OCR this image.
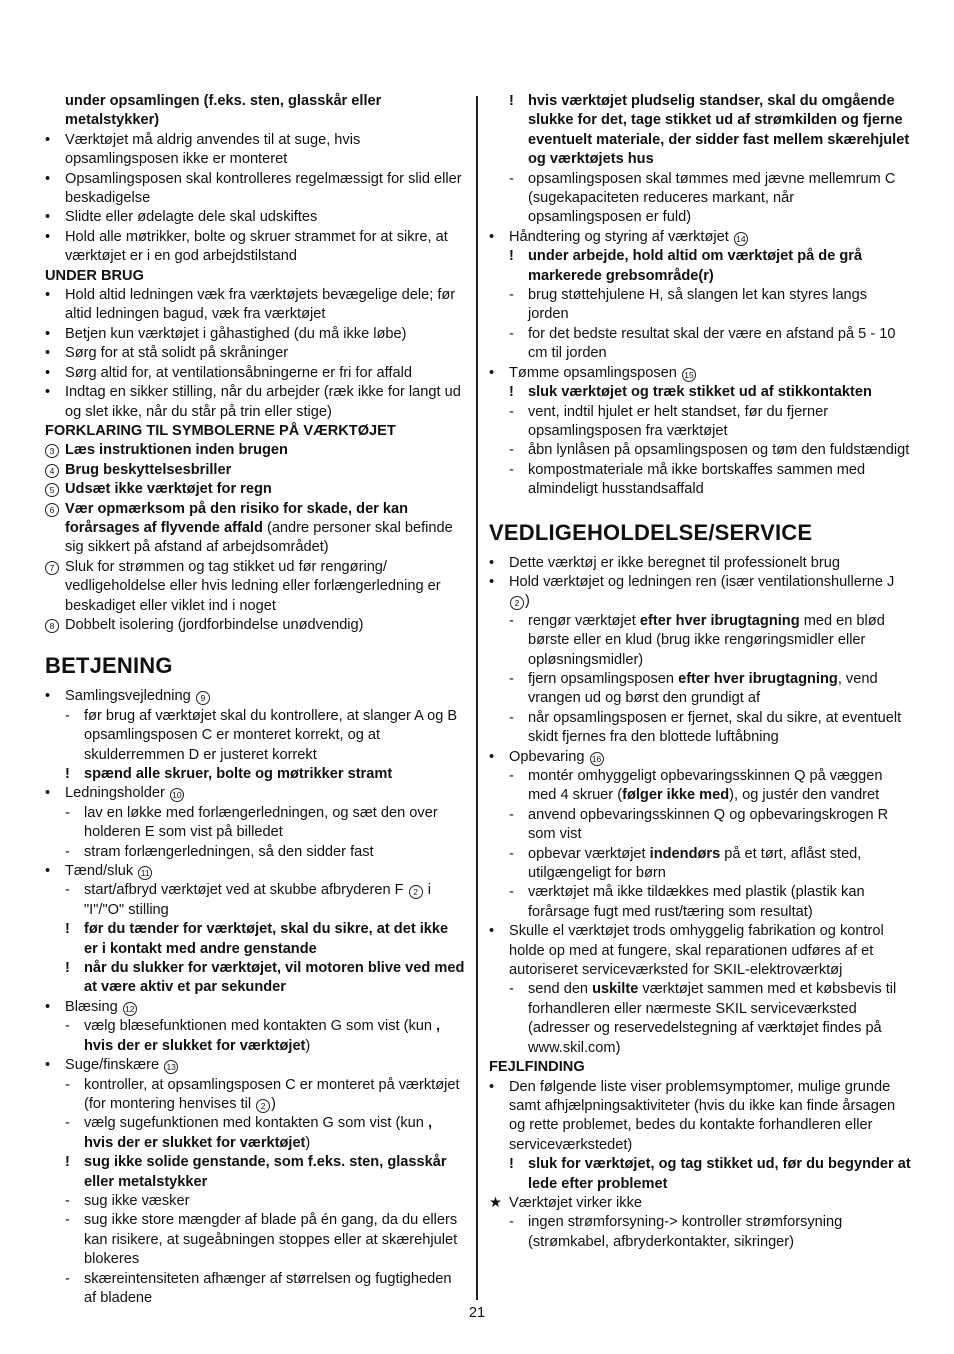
under opsamlingen (f.eks. sten, glasskår eller metalstykker)
•	Værktøjet må aldrig anvendes til at suge, hvis opsamlingsposen ikke er monteret
•	Opsamlingsposen skal kontrolleres regelmæssigt for slid eller beskadigelse
•	Slidte eller ødelagte dele skal udskiftes
•	Hold alle møtrikker, bolte og skruer strammet for at sikre, at værktøjet er i en god arbejdstilstand
UNDER BRUG
•	Hold altid ledningen væk fra værktøjets bevægelige dele; før altid ledningen bagud, væk fra værktøjet
•	Betjen kun værktøjet i gåhastighed (du må ikke løbe)
•	Sørg for at stå solidt på skråninger
•	Sørg altid for, at ventilationsåbningerne er fri for affald
•	Indtag en sikker stilling, når du arbejder (ræk ikke for langt ud og slet ikke, når du står på trin eller stige)
FORKLARING TIL SYMBOLERNE PÅ VÆRKTØJET
3 Læs instruktionen inden brugen
4 Brug beskyttelsesbriller
5 Udsæt ikke værktøjet for regn
6 Vær opmærksom på den risiko for skade, der kan forårsages af flyvende affald (andre personer skal befinde sig sikkert på afstand af arbejdsområdet)
7 Sluk for strømmen og tag stikket ud før rengøring/ vedligeholdelse eller hvis ledning eller forlængerledning er beskadiget eller viklet ind i noget
8 Dobbelt isolering (jordforbindelse unødvendig)
BETJENING
•	Samlingsvejledning 9
- før brug af værktøjet skal du kontrollere, at slanger A og B opsamlingsposen C er monteret korrekt, og at skulderremmen D er justeret korrekt
! spænd alle skruer, bolte og møtrikker stramt
•	Ledningsholder 10
- lav en løkke med forlængerledningen, og sæt den over holderen E som vist på billedet
- stram forlængerledningen, så den sidder fast
•	Tænd/sluk 11
- start/afbryd værktøjet ved at skubbe afbryderen F 2 i "I"/"O" stilling
! før du tænder for værktøjet, skal du sikre, at det ikke er i kontakt med andre genstande
! når du slukker for værktøjet, vil motoren blive ved med at være aktiv et par sekunder
•	Blæsing 12
- vælg blæsefunktionen med kontakten G som vist (kun , hvis der er slukket for værktøjet)
•	Suge/finskære 13
- kontroller, at opsamlingsposen C er monteret på værktøjet (for montering henvises til 2 )
- vælg sugefunktionen med kontakten G som vist (kun , hvis der er slukket for værktøjet)
! sug ikke solide genstande, som f.eks. sten, glasskår eller metalstykker
- sug ikke væsker
- sug ikke store mængder af blade på én gang, da du ellers kan risikere, at sugeåbningen stoppes eller at skærehjulet blokeres
- skæreintensiteten afhænger af størrelsen og fugtigheden af bladene
! hvis værktøjet pludselig standser, skal du omgående slukke for det, tage stikket ud af strømkilden og fjerne eventuelt materiale, der sidder fast mellem skærehjulet og værktøjets hus
- opsamlingsposen skal tømmes med jævne mellemrum C (sugekapaciteten reduceres markant, når opsamlingsposen er fuld)
•	Håndtering og styring af værktøjet 14
! under arbejde, hold altid om værktøjet på de grå markerede grebsområde(r)
- brug støttehjulene H, så slangen let kan styres langs jorden
- for det bedste resultat skal der være en afstand på 5 - 10 cm til jorden
•	Tømme opsamlingsposen 15
! sluk værktøjet og træk stikket ud af stikkontakten
- vent, indtil hjulet er helt standset, før du fjerner opsamlingsposen fra værktøjet
- åbn lynlåsen på opsamlingsposen og tøm den fuldstændigt
- kompostmateriale må ikke bortskaffes sammen med almindeligt husstandsaffald
VEDLIGEHOLDELSE/SERVICE
•	Dette værktøj er ikke beregnet til professionelt brug
•	Hold værktøjet og ledningen ren (især ventilationshullerne J 2 )
- rengør værktøjet efter hver ibrugtagning med en blød børste eller en klud (brug ikke rengøringsmidler eller opløsningsmidler)
- fjern opsamlingsposen efter hver ibrugtagning, vend vrangen ud og børst den grundigt af
- når opsamlingsposen er fjernet, skal du sikre, at eventuelt skidt fjernes fra den blottede luftåbning
•	Opbevaring 16
- montér omhyggeligt opbevaringsskinnen Q på væggen med 4 skruer (følger ikke med), og justér den vandret
- anvend opbevaringsskinnen Q og opbevaringskrogen R som vist
- opbevar værktøjet indendørs på et tørt, aflåst sted, utilgængeligt for børn
- værktøjet må ikke tildækkes med plastik (plastik kan forårsage fugt med rust/tæring som resultat)
•	Skulle el værktøjet trods omhyggelig fabrikation og kontrol holde op med at fungere, skal reparationen udføres af et autoriseret serviceværksted for SKIL-elektroværktøj
- send den uskilte værktøjet sammen med et købsbevis til forhandleren eller nærmeste SKIL serviceværksted (adresser og reservedelstegning af værktøjet findes på www.skil.com)
FEJLFINDING
•	Den følgende liste viser problemsymptomer, mulige grunde samt afhjælpningsaktiviteter (hvis du ikke kan finde årsagen og rette problemet, bedes du kontakte forhandleren eller serviceværkstedet)
! sluk for værktøjet, og tag stikket ud, før du begynder at lede efter problemet
★ Værktøjet virker ikke
- ingen strømforsyning-> kontroller strømforsyning (strømkabel, afbryderkontakter, sikringer)
21
